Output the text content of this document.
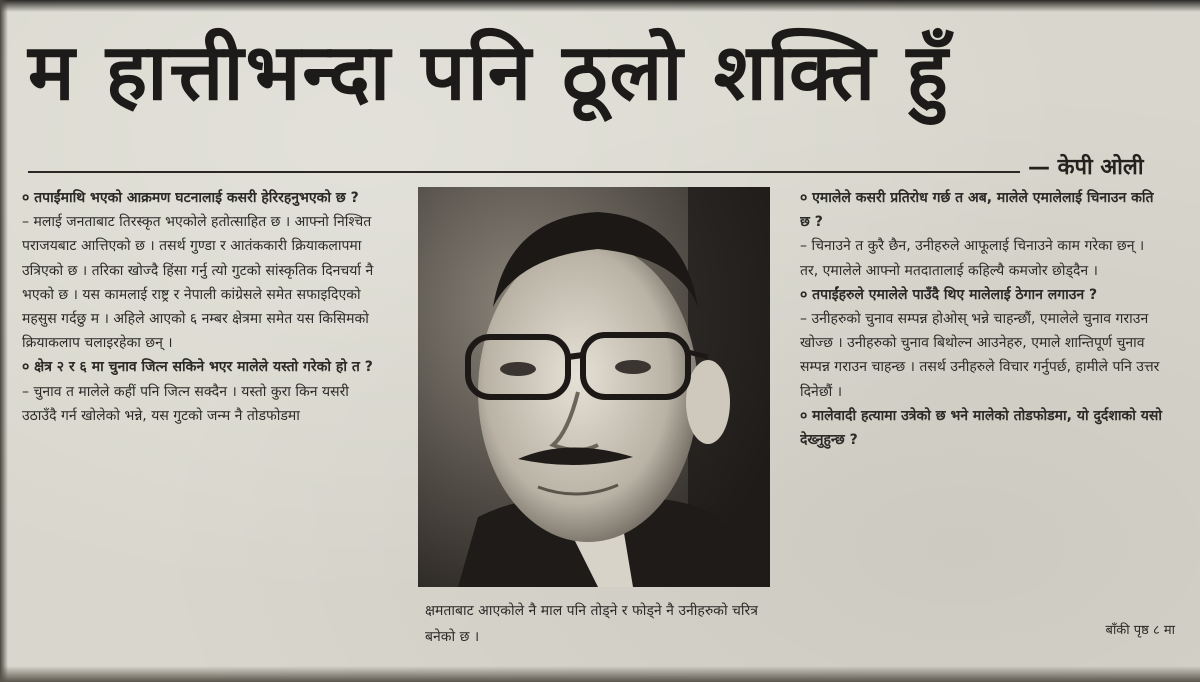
म हात्तीभन्दा पनि ठूलो शक्ति हुँ
— केपी ओली
० तपाईंमाथि भएको आक्रमण घटनालाई कसरी हेरिरहनुभएको छ ?
– मलाई जनताबाट तिरस्कृत भएकोले हतोत्साहित छ । आफ्नो निश्चित पराजयबाट आत्तिएको छ । तसर्थ गुण्डा र आतंककारी क्रियाकलापमा उत्रिएको छ । तरिका खोज्दै हिंसा गर्नु त्यो गुटको सांस्कृतिक दिनचर्या नै भएको छ । यस कामलाई राष्ट्र र नेपाली कांग्रेसले समेत सफाइदिएको महसुस गर्दछु म । अहिले आएको ६ नम्बर क्षेत्रमा समेत यस किसिमको क्रियाकलाप चलाइरहेका छन् ।
० क्षेत्र २ र ६ मा चुनाव जित्न सकिने भएर मालेले यस्तो गरेको हो त ?
– चुनाव त मालेले कहीं पनि जित्न सक्दैन । यस्तो कुरा किन यसरी उठाउँदै गर्न खोलेको भन्ने, यस गुटको जन्म नै तोडफोडमा
० एमालेले कसरी प्रतिरोध गर्छ त अब, मालेले एमालेलाई चिनाउन कति छ ?
– चिनाउने त कुरै छैन, उनीहरुले आफूलाई चिनाउने काम गरेका छन् । तर, एमालेले आफ्नो मतदातालाई कहिल्यै कमजोर छोड्दैन ।
० तपाईंहरुले एमालेले पाउँदै थिए मालेलाई ठेगान लगाउन ?
– उनीहरुको चुनाव सम्पन्न होओस् भन्ने चाहन्छौं, एमालेले चुनाव गराउन खोज्छ । उनीहरुको चुनाव बिथोल्न आउनेहरु, एमाले शान्तिपूर्ण चुनाव सम्पन्न गराउन चाहन्छ । तसर्थ उनीहरुले विचार गर्नुपर्छ, हामीले पनि उत्तर दिनेछौं ।
० मालेवादी हत्यामा उत्रेको छ भने मालेको तोडफोडमा, यो दुर्दशाको यसो देख्नुहुन्छ ?
क्षमताबाट आएकोले नै माल पनि तोड्ने र फोड्ने नै उनीहरुको चरित्र बनेको छ ।	बाँकी पृष्ठ ८ मा
